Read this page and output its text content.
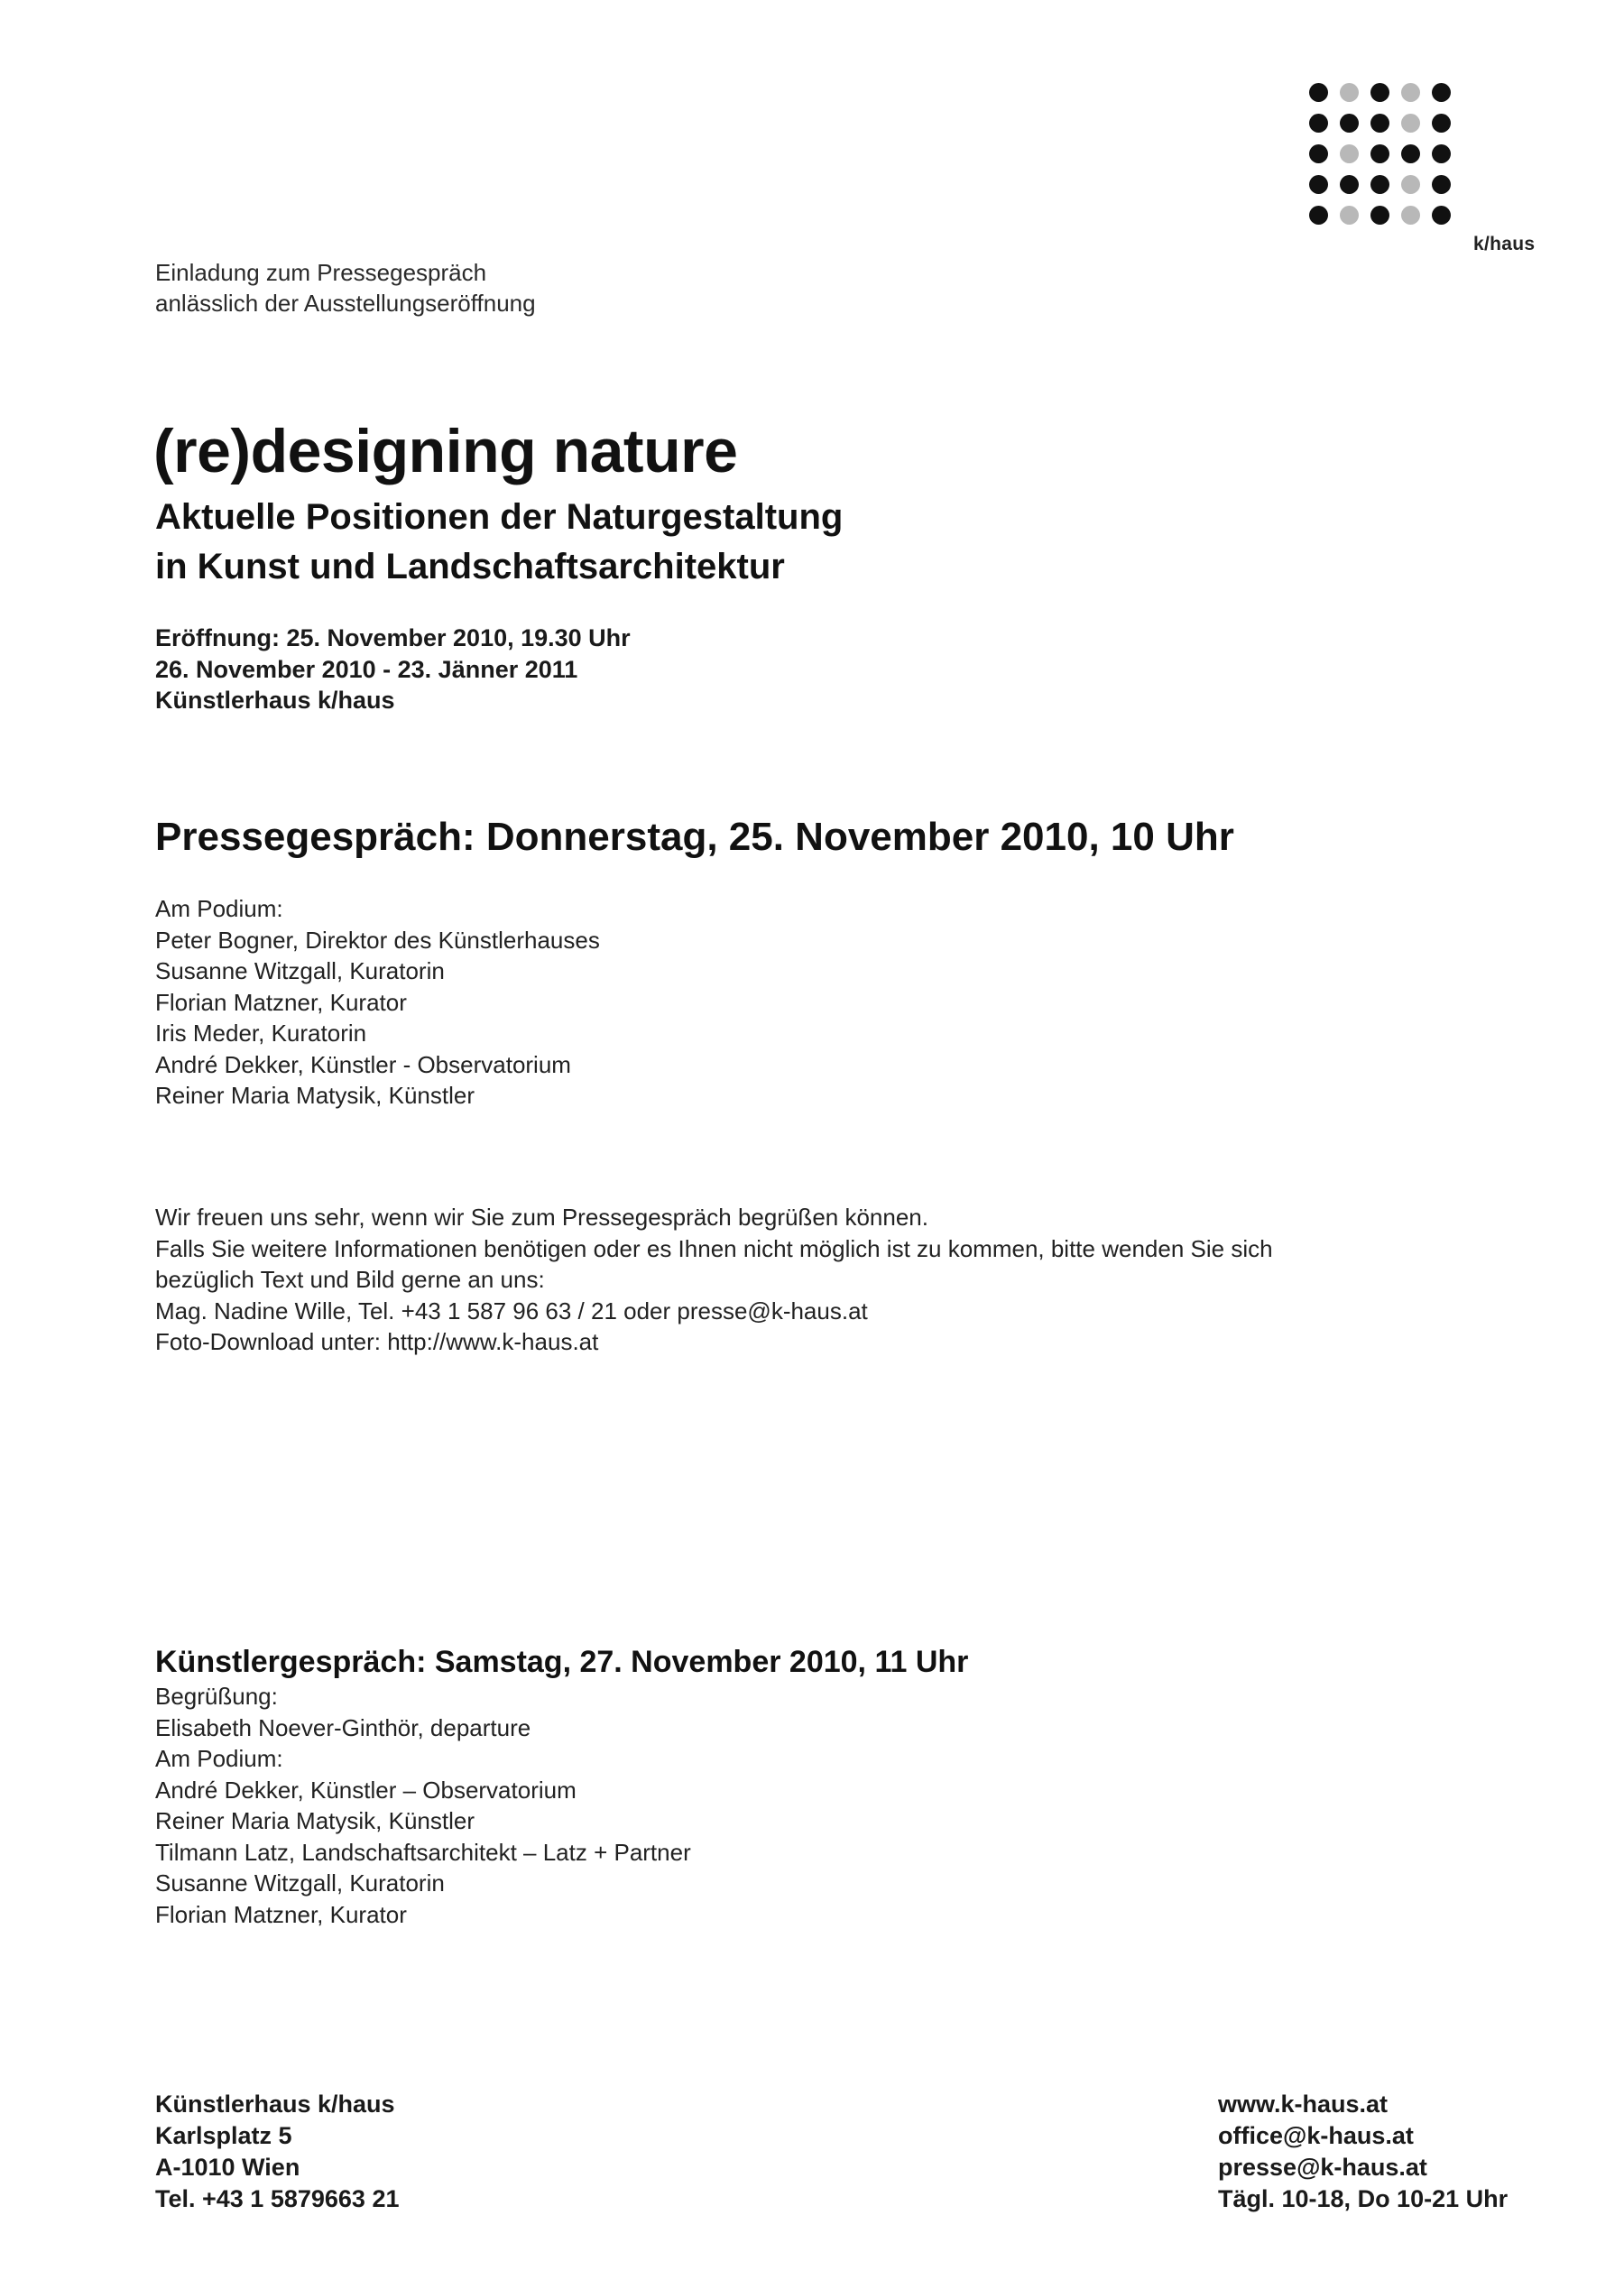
k/haus
Einladung zum Pressegespräch
anlässlich der Ausstellungseröffnung
(re)designing nature
Aktuelle Positionen der Naturgestaltung
in Kunst und Landschaftsarchitektur
Eröffnung: 25. November 2010, 19.30 Uhr
26. November 2010 - 23. Jänner 2011
Künstlerhaus k/haus
Pressegespräch: Donnerstag, 25. November 2010, 10 Uhr
Am Podium:
Peter Bogner, Direktor des Künstlerhauses
Susanne Witzgall, Kuratorin
Florian Matzner, Kurator
Iris Meder, Kuratorin
André Dekker, Künstler - Observatorium
Reiner Maria Matysik, Künstler
Wir freuen uns sehr, wenn wir Sie zum Pressegespräch begrüßen können.
Falls Sie weitere Informationen benötigen oder es Ihnen nicht möglich ist zu kommen, bitte wenden Sie sich
bezüglich Text und Bild gerne an uns:
Mag. Nadine Wille, Tel. +43 1 587 96 63 / 21 oder presse@k-haus.at
Foto-Download unter: http://www.k-haus.at
Künstlergespräch: Samstag, 27. November 2010, 11 Uhr
Begrüßung:
Elisabeth Noever-Ginthör, departure
Am Podium:
André Dekker, Künstler – Observatorium
Reiner Maria Matysik, Künstler
Tilmann Latz, Landschaftsarchitekt – Latz + Partner
Susanne Witzgall, Kuratorin
Florian Matzner, Kurator
Künstlerhaus k/haus
Karlsplatz 5
A-1010 Wien
Tel. +43 1 5879663 21
www.k-haus.at
office@k-haus.at
presse@k-haus.at
Tägl. 10-18, Do 10-21 Uhr
